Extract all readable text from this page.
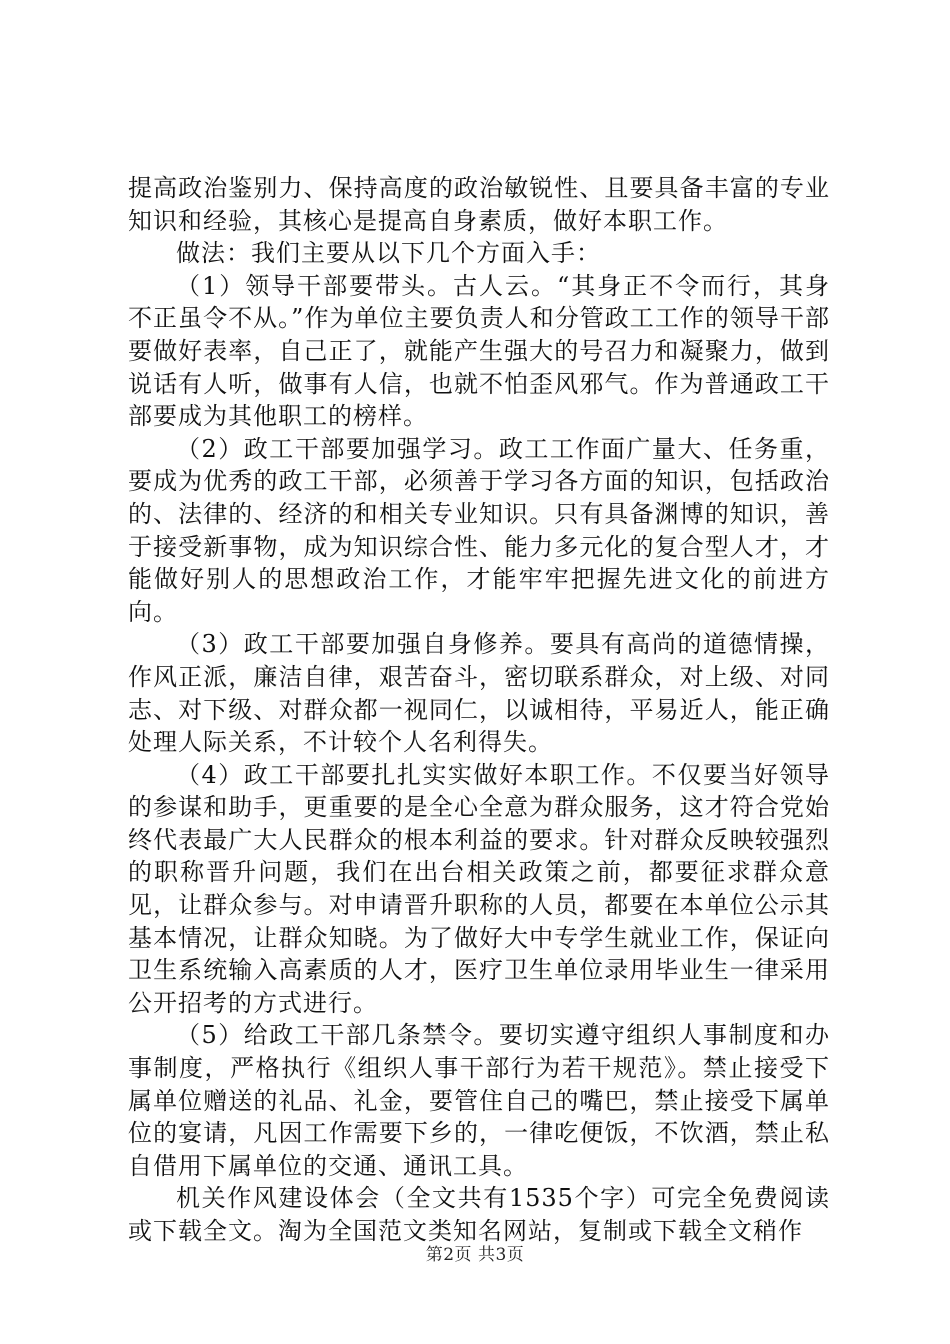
提高政治鉴别力、保持高度的政治敏锐性、且要具备丰富的专业知识和经验，其核心是提高自身素质，做好本职工作。

做法：我们主要从以下几个方面入手：

（1）领导干部要带头。古人云。“其身正不令而行，其身不正虽令不从。”作为单位主要负责人和分管政工工作的领导干部要做好表率，自己正了，就能产生强大的号召力和凝聚力，做到说话有人听，做事有人信，也就不怕歪风邪气。作为普通政工干部要成为其他职工的榜样。

（2）政工干部要加强学习。政工工作面广量大、任务重，要成为优秀的政工干部，必须善于学习各方面的知识，包括政治的、法律的、经济的和相关专业知识。只有具备渊博的知识，善于接受新事物，成为知识综合性、能力多元化的复合型人才，才能做好别人的思想政治工作，才能牢牢把握先进文化的前进方向。

（3）政工干部要加强自身修养。要具有高尚的道德情操，作风正派，廉洁自律，艰苦奋斗，密切联系群众，对上级、对同志、对下级、对群众都一视同仁，以诚相待，平易近人，能正确处理人际关系，不计较个人名利得失。

（4）政工干部要扎扎实实做好本职工作。不仅要当好领导的参谋和助手，更重要的是全心全意为群众服务，这才符合党始终代表最广大人民群众的根本利益的要求。针对群众反映较强烈的职称晋升问题，我们在出台相关政策之前，都要征求群众意见，让群众参与。对申请晋升职称的人员，都要在本单位公示其基本情况，让群众知晓。为了做好大中专学生就业工作，保证向卫生系统输入高素质的人才，医疗卫生单位录用毕业生一律采用公开招考的方式进行。

（5）给政工干部几条禁令。要切实遵守组织人事制度和办事制度，严格执行《组织人事干部行为若干规范》。禁止接受下属单位赠送的礼品、礼金，要管住自己的嘴巴，禁止接受下属单位的宴请，凡因工作需要下乡的，一律吃便饭，不饮酒，禁止私自借用下属单位的交通、通讯工具。

机关作风建设体会（全文共有1535个字）可完全免费阅读或下载全文。淘为全国范文类知名网站，复制或下载全文稍作

第2页 共3页
